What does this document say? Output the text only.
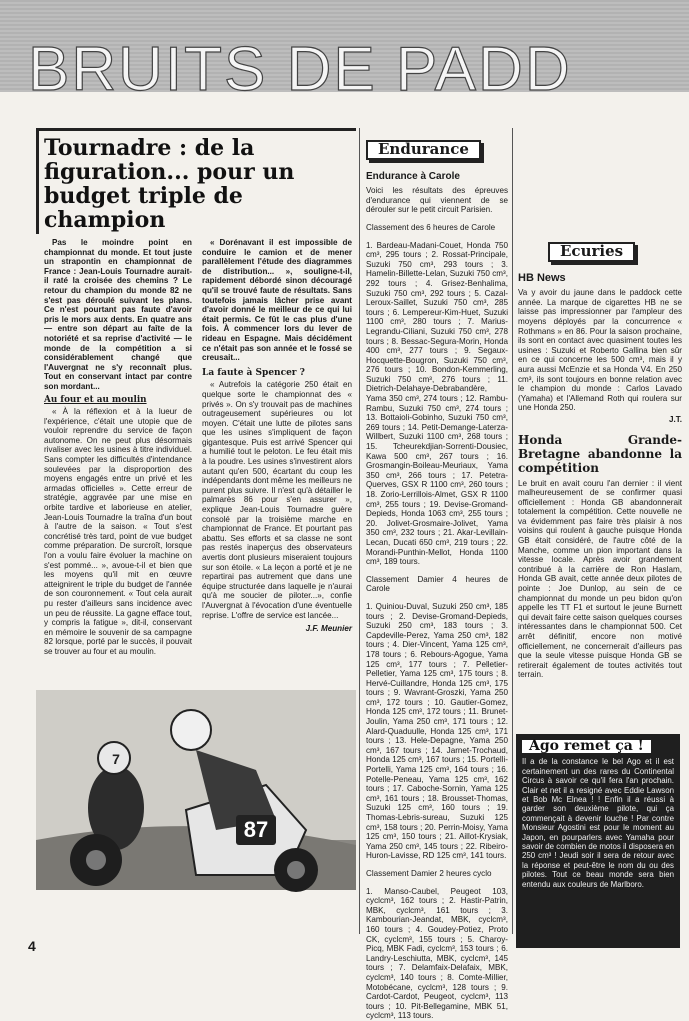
BRUITS DE PADD
Tournadre : de la figuration... pour un budget triple de champion

Pas le moindre point en championnat du monde. Et tout juste un strapontin en championnat de France : Jean-Louis Tournadre aurait-il raté la croisée des chemins ? Le retour du champion du monde 82 ne s'est pas déroulé suivant les plans. Ce n'est pourtant pas faute d'avoir pris le mors aux dents. En quatre ans — entre son départ au faîte de la notoriété et sa reprise d'activité — le monde de la compétition a si considérablement changé que l'Auvergnat ne s'y reconnaît plus. Tout en conservant intact par contre son mordant...

Au four et au moulin

« À la réflexion et à la lueur de l'expérience, c'était une utopie que de vouloir reprendre du service de façon autonome. On ne peut plus désormais rivaliser avec les usines à titre individuel. Sans compter les difficultés d'intendance soulevées par la disproportion des moyens engagés entre un privé et les armadas officielles ». Cette erreur de stratégie, aggravée par une mise en orbite tardive et laborieuse en atelier, Jean-Louis Tournadre la traîna d'un bout à l'autre de la saison. « Tout s'est concrétisé très tard, point de vue budget comme préparation. De surcroît, lorsque l'on a voulu faire évoluer la machine on s'est pommé... », avoue-t-il et bien que les moyens qu'il mit en œuvre atteignirent le triple du budget de l'année de son couronnement. « Tout cela aurait pu rester d'ailleurs sans incidence avec un peu de réussite. La gagne efface tout, y compris la fatigue », dit-il, conservant en mémoire le souvenir de sa campagne 82 lorsque, porté par le succès, il pouvait se trouver au four et au moulin.

« Dorénavant il est impossible de conduire le camion et de mener parallèlement l'étude des diagrammes de distribution... », souligne-t-il, rapidement débordé sinon découragé qu'il se trouvé faute de résultats. Sans toutefois jamais lâcher prise avant d'avoir donné le meilleur de ce qui lui était permis. Ce fût le cas plus d'une fois. À commencer lors du lever de rideau en Espagne. Mais décidément ce n'était pas son année et le fossé se creusait...

La faute à Spencer ?

« Autrefois la catégorie 250 était en quelque sorte le championnat des « privés ». On s'y trouvait pas de machines outrageusement supérieures ou lot moyen. C'était une lutte de pilotes sans que les usines s'impliquent de façon gigantesque. Puis est arrivé Spencer qui a humilié tout le peloton. Le feu était mis à la poudre. Les usines s'investirent alors autant qu'en 500, écartant du coup les indépendants dont même les meilleurs ne purent plus suivre. Il n'est qu'à détailler le palmarès 86 pour s'en assurer », explique Jean-Louis Tournadre guère consolé par la troisième marche en championnat de France. Et pourtant pas abattu. Ses efforts et sa classe ne sont pas restés inaperçus des observateurs avertis dont plusieurs miseraient toujours sur son étoile. « La leçon a porté et je ne repartirai pas autrement que dans une équipe structurée dans laquelle je n'aurai qu'à me soucier de piloter...», confie l'Auvergnat à l'évocation d'une éventuelle reprise. L'offre de service est lancée...

J.F. Meunier
87
7
Endurance
Endurance à Carole
Voici les résultats des épreuves d'endurance qui viennent de se dérouler sur le petit circuit Parisien.
Classement des 6 heures de Carole
1. Bardeau-Madani-Couet, Honda 750 cm³, 295 tours ; 2. Rossat-Principale, Suzuki 750 cm³, 293 tours ; 3. Hamelin-Billette-Lelan, Suzuki 750 cm³, 292 tours ; 4. Grisez-Benhalima, Suzuki 750 cm³, 292 tours ; 5. Cazal-Leroux-Saillet, Suzuki 750 cm³, 285 tours ; 6. Lempereur-Kim-Huet, Suzuki 1100 cm³, 280 tours ; 7. Marius-Legrandu-Ciliani, Suzuki 750 cm³, 278 tours ; 8. Bessac-Segura-Morin, Honda 400 cm³, 277 tours ; 9. Segaux-Hocquette-Bougron, Suzuki 750 cm³, 276 tours ; 10. Bondon-Kemmerling, Suzuki 750 cm³, 276 tours ; 11. Dietrich-Delahaye-Debrabandère, Yama 350 cm³, 274 tours ; 12. Rambu-Rambu, Suzuki 750 cm³, 274 tours ; 13. Bottaioli-Gobinho, Suzuki 750 cm³, 269 tours ; 14. Petit-Demange-Laterza-Willbert, Suzuki 1100 cm³, 268 tours ; 15. Tcheurekdjian-Sorrenti-Dousiec, Kawa 500 cm³, 267 tours ; 16. Grosmangin-Boileau-Meuriaux, Yama 350 cm³, 266 tours ; 17. Petetra-Querves, GSX R 1100 cm³, 260 tours ; 18. Zorio-Lerrillois-Almet, GSX R 1100 cm³, 255 tours ; 19. Devise-Gromand-Depieds, Honda 1063 cm³, 255 tours ; 20. Jolivet-Grosmaire-Jolivet, Yama 350 cm³, 232 tours ; 21. Akar-Levillain-Lecan, Ducati 650 cm³, 219 tours ; 22. Morandi-Punthin-Mellot, Honda 1100 cm³, 189 tours.
Classement Damier 4 heures de Carole
1. Quiniou-Duval, Suzuki 250 cm³, 185 tours ; 2. Devise-Gromand-Depieds, Suzuki 250 cm³, 183 tours ; 3. Capdeville-Perez, Yama 250 cm³, 182 tours ; 4. Dier-Vincent, Yama 125 cm³, 178 tours ; 6. Rebours-Agogue, Yama 125 cm³, 177 tours ; 7. Pelletier-Pelletier, Yama 125 cm³, 175 tours ; 8. Hervé-Cuillandre, Honda 125 cm³, 175 tours ; 9. Wavrant-Groszki, Yama 250 cm³, 172 tours ; 10. Gautier-Gomez, Honda 125 cm³, 172 tours ; 11. Brunet-Joulin, Yama 250 cm³, 171 tours ; 12. Alard-Quaduulle, Honda 125 cm³, 171 tours ; 13. Hele-Depagne, Yama 250 cm³, 167 tours ; 14. Jarnet-Trochaud, Honda 125 cm³, 167 tours ; 15. Portelli-Portelli, Yama 125 cm³, 164 tours ; 16. Potelle-Peneau, Yama 125 cm³, 162 tours ; 17. Caboche-Sornin, Yama 125 cm³, 161 tours ; 18. Brousset-Thomas, Suzuki 125 cm³, 160 tours ; 19. Thomas-Lebris-sureau, Suzuki 125 cm³, 158 tours ; 20. Perrin-Moisy, Yama 125 cm³, 150 tours ; 21. Aillot-Krysiak, Yama 250 cm³, 145 tours ; 22. Ribeiro-Huron-Lavisse, RD 125 cm³, 141 tours.
Classement Damier 2 heures cyclo
1. Manso-Caubel, Peugeot 103, cyclcm³, 162 tours ; 2. Hastir-Patrin, MBK, cyclcm³, 161 tours ; 3. Kambourian-Jeandat, MBK, cyclcm³, 160 tours ; 4. Goudey-Potiez, Proto CK, cyclcm³, 155 tours ; 5. Charoy-Picq, MBK Fadi, cyclcm³, 153 tours ; 6. Landry-Leschiutta, MBK, cyclcm³, 145 tours ; 7. Delamfaix-Delafaix, MBK, cyclcm³, 140 tours ; 8. Comte-Millier, Motobécane, cyclcm³, 128 tours ; 9. Cardot-Cardot, Peugeot, cyclcm³, 113 tours ; 10. Pit-Bellegamine, MBK 51, cyclcm³, 113 tours.
Ecuries
HB News
Va y avoir du jaune dans le paddock cette année. La marque de cigarettes HB ne se laisse pas impressionner par l'ampleur des moyens déployés par la concurrence « Rothmans » en 86. Pour la saison prochaine, ils sont en contact avec quasiment toutes les usines : Suzuki et Roberto Gallina bien sûr en ce qui concerne les 500 cm³, mais il y aura aussi McEnzie et sa Honda V4. En 250 cm³, ils sont toujours en bonne relation avec le champion du monde : Carlos Lavado (Yamaha) et l'Allemand Roth qui roulera sur une Honda 250.
J.T.
Honda Grande-Bretagne abandonne la compétition
Le bruit en avait couru l'an dernier : il vient malheureusement de se confirmer quasi officiellement : Honda GB abandonnerait totalement la compétition. Cette nouvelle ne va évidemment pas faire très plaisir à nos voisins qui roulent à gauche puisque Honda GB était considéré, de l'autre côté de la Manche, comme un pion important dans la vitesse locale. Après avoir grandement contribué à la carrière de Ron Haslam, Honda GB avait, cette année deux pilotes de pointe : Joe Dunlop, au sein de ce championnat du monde un peu bidon qu'on appelle les TT F1 et surtout le jeune Burnett qui devait faire cette saison quelques courses intéressantes dans le championnat 500. Cet arrêt définitif, encore non motivé officiellement, ne concernerait d'ailleurs pas que la seule vitesse puisque Honda GB se retirerait également de toutes activités tout terrain.
Ago remet ça !
Il a de la constance le bel Ago et il est certainement un des rares du Continental Circus à savoir ce qu'il fera l'an prochain. Clair et net il a resigné avec Eddie Lawson et Bob Mc Elnea ! ! Enfin il a réussi à garder son deuxième pilote, qui ça commençait à devenir louche ! Par contre Monsieur Agostini est pour le moment au Japon, en pourparlers avec Yamaha pour savoir de combien de motos il disposera en 250 cm³ ! Jeudi soir il sera de retour avec la réponse et peut-être le nom du ou des pilotes. Tout ce beau monde sera bien entendu aux couleurs de Marlboro.
4
